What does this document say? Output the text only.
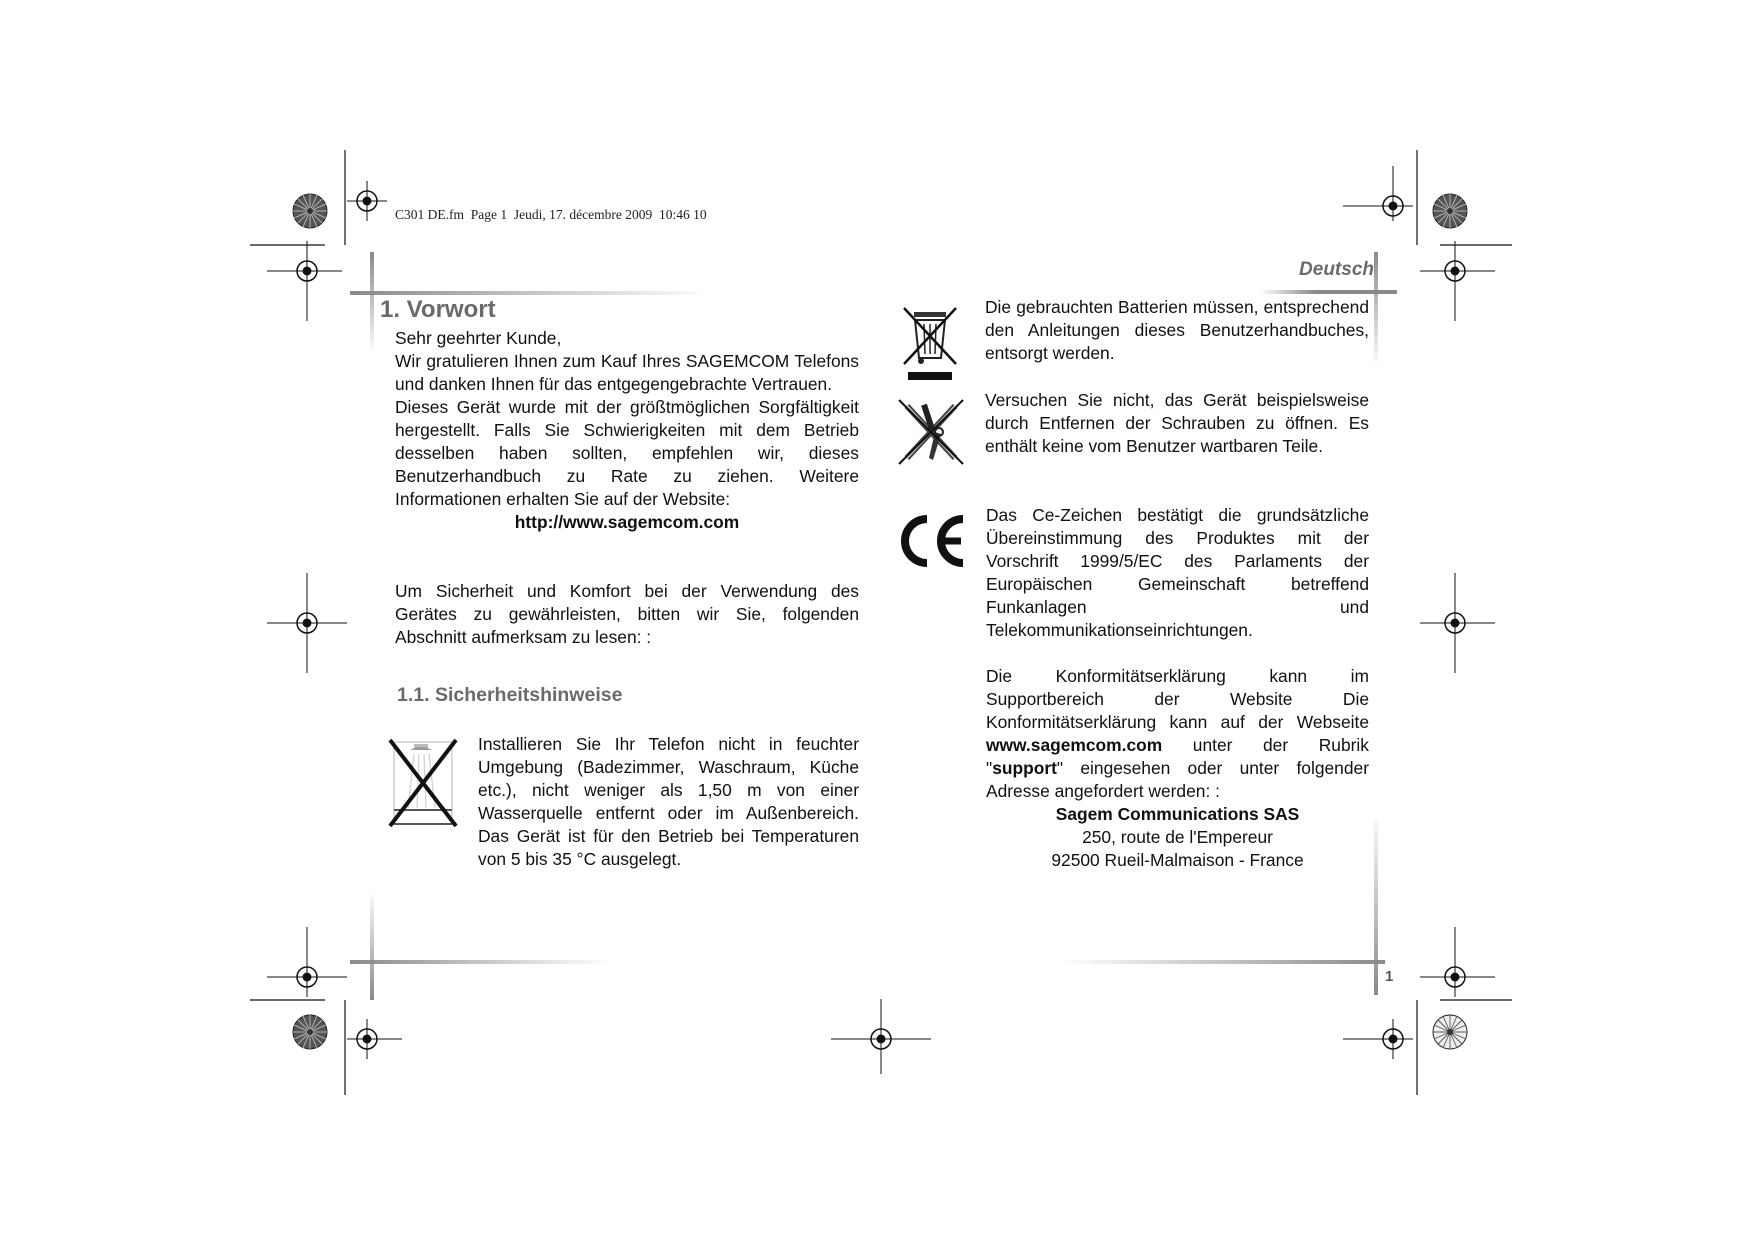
C301 DE.fm  Page 1  Jeudi, 17. décembre 2009  10:46 10
Deutsch
1
1. Vorwort

Sehr geehrter Kunde,

Wir gratulieren Ihnen zum Kauf Ihres SAGEMCOM Telefons und danken Ihnen für das entgegengebrachte Vertrauen.

Dieses Gerät wurde mit der größtmöglichen Sorgfältigkeit hergestellt. Falls Sie Schwierigkeiten mit dem Betrieb desselben haben sollten, empfehlen wir, dieses Benutzerhandbuch zu Rate zu ziehen. Weitere Informationen erhalten Sie auf der Website:

http://www.sagemcom.com

Um Sicherheit und Komfort bei der Verwendung des Gerätes zu gewährleisten, bitten wir Sie, folgenden Abschnitt aufmerksam zu lesen: :

1.1. Sicherheitshinweise

Installieren Sie Ihr Telefon nicht in feuchter Umgebung (Badezimmer, Waschraum, Küche etc.), nicht weniger als 1,50 m von einer Wasserquelle entfernt oder im Außenbereich. Das Gerät ist für den Betrieb bei Temperaturen von 5 bis 35 °C ausgelegt.

Die gebrauchten Batterien müssen, entsprechend den Anleitungen dieses Benutzerhandbuches, entsorgt werden.

Versuchen Sie nicht, das Gerät beispielsweise durch Entfernen der Schrauben zu öffnen. Es enthält keine vom Benutzer wartbaren Teile.

Das Ce-Zeichen bestätigt die grundsätzliche

Übereinstimmung des Produktes mit der

Vorschrift 1999/5/EC des Parlaments der

Europäischen Gemeinschaft betreffend

Funkanlagen und

Telekommunikationseinrichtungen.

Die Konformitätserklärung kann im

Supportbereich der Website Die

Konformitätserklärung kann auf der Webseite

www.sagemcom.com unter der Rubrik

"support" eingesehen oder unter folgender

Adresse angefordert werden: :

Sagem Communications SAS

250, route de l'Empereur

92500 Rueil-Malmaison - France
